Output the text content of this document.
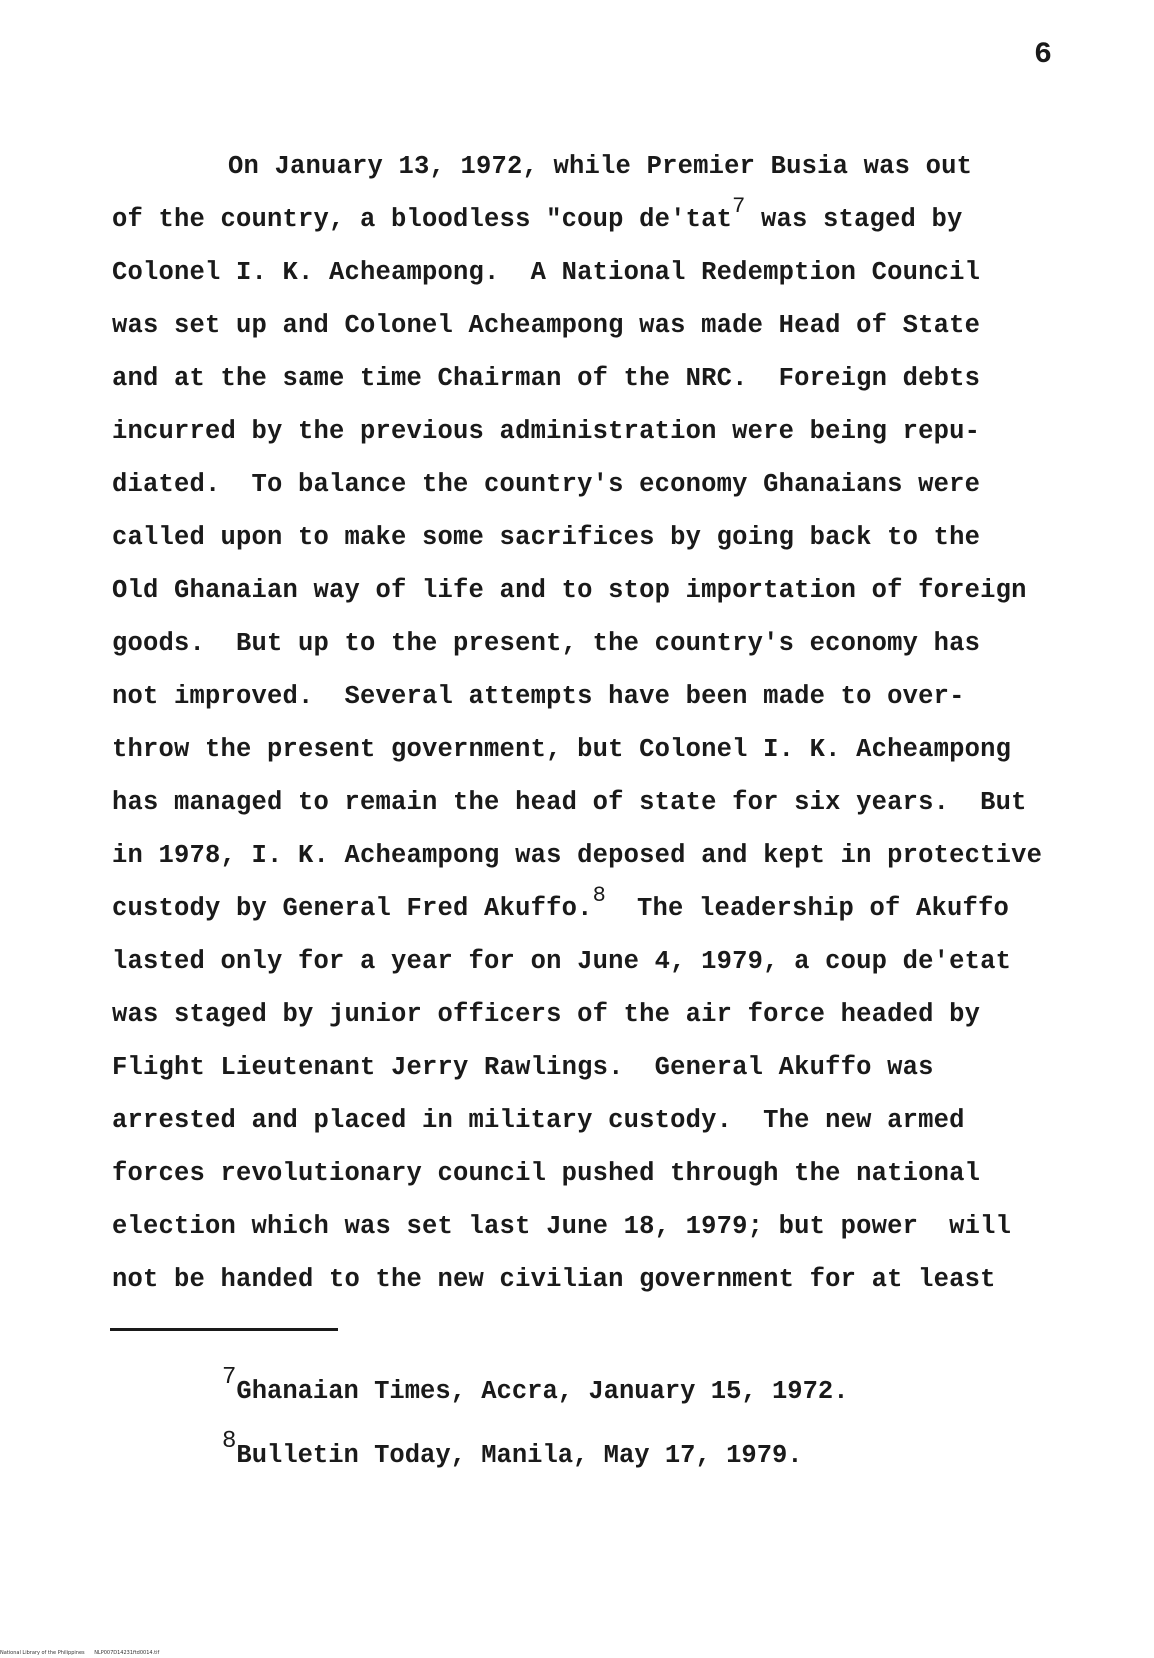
6
On January 13, 1972, while Premier Busia was out
of the country, a bloodless "coup de'tat$^7$ was staged by
Colonel I. K. Acheampong.  A National Redemption Council
was set up and Colonel Acheampong was made Head of State
and at the same time Chairman of the NRC.  Foreign debts
incurred by the previous administration were being repu-
diated.  To balance the country's economy Ghanaians were
called upon to make some sacrifices by going back to the
Old Ghanaian way of life and to stop importation of foreign
goods.  But up to the present, the country's economy has
not improved.  Several attempts have been made to over-
throw the present government, but Colonel I. K. Acheampong
has managed to remain the head of state for six years.  But
in 1978, I. K. Acheampong was deposed and kept in protective
custody by General Fred Akuffo.$^8$  The leadership of Akuffo
lasted only for a year for on June 4, 1979, a coup de'etat
was staged by junior officers of the air force headed by
Flight Lieutenant Jerry Rawlings.  General Akuffo was
arrested and placed in military custody.  The new armed
forces revolutionary council pushed through the national
election which was set last June 18, 1979; but power  will
not be handed to the new civilian government for at least
$^7$Ghanaian Times, Accra, January 15, 1972.
$^8$Bulletin Today, Manila, May 17, 1979.
National Library of the Philippines NLP007D14231ftd0014.tif
